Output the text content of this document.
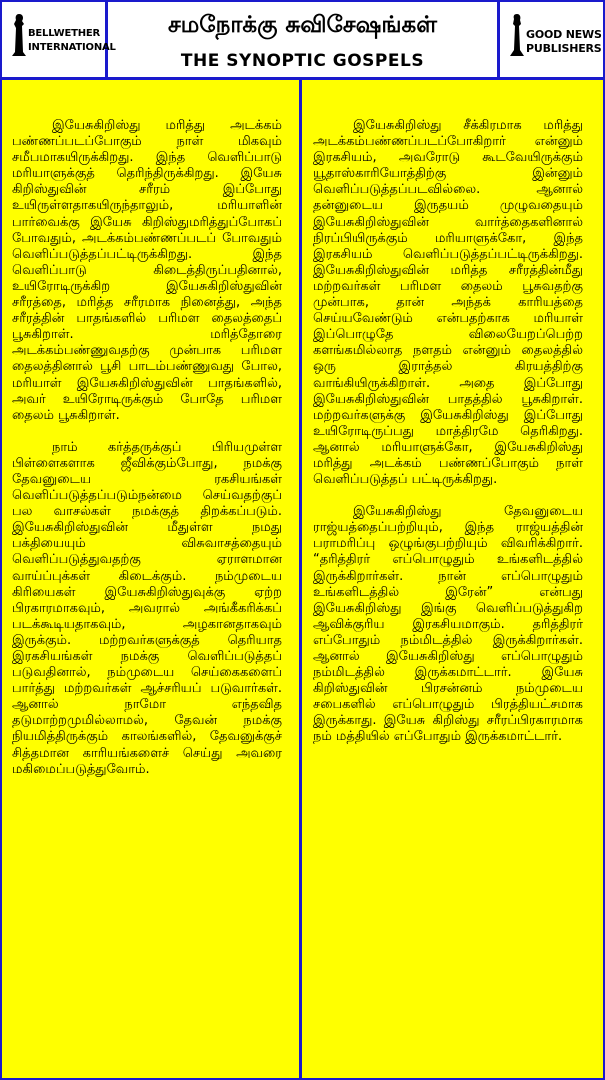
BELLWETHER
INTERNATIONAL
சமநோக்கு சுவிசேஷங்கள்
THE SYNOPTIC GOSPELS
GOOD NEWS
PUBLISHERS

இயேசுகிறிஸ்து மரித்து அடக்கம் பண்ணப்படப்போகும் நாள் மிகவும் சமீபமாகயிருக்கிறது. இந்த வெளிப்பாடு மரியாளுக்குத் தெரிந்திருக்கிறது. இயேசு கிறிஸ்துவின் சரீரம் இப்போது உயிருள்ளதாகயிருந்தாலும், மரியாளின் பார்வைக்கு இயேசு கிறிஸ்துமரித்துப்போகப் போவதும், அடக்கம்பண்ணப்படப் போவதும் வெளிப்படுத்தப்பட்டிருக்கிறது. இந்த வெளிப்பாடு கிடைத்திருப்பதினால், உயிரோடிருக்கிற இயேசுகிறிஸ்துவின் சரீரத்தை, மரித்த சரீரமாக நினைத்து, அந்த சரீரத்தின் பாதங்களில் பரிமள தைலத்தைப் பூசுகிறாள். மரித்தோரை அடக்கம்பண்ணுவதற்கு முன்பாக பரிமள தைலத்தினால் பூசி பாடம்பண்ணுவது போல, மரியாள் இயேசுகிறிஸ்துவின் பாதங்களில், அவர் உயிரோடிருக்கும் போதே பரிமள தைலம் பூசுகிறாள்.

நாம் கர்த்தருக்குப் பிரியமுள்ள பிள்ளைகளாக ஜீவிக்கும்போது, நமக்கு தேவனுடைய ரகசியங்கள் வெளிப்படுத்தப்படும்நன்மை செய்வதற்குப் பல வாசல்கள் நமக்குத் திறக்கப்படும். இயேசுகிறிஸ்துவின் மீதுள்ள நமது பக்தியையும் விசுவாசத்தையும் வெளிப்படுத்துவதற்கு ஏராளமான வாய்ப்புக்கள் கிடைக்கும். நம்முடைய கிரியைகள் இயேசுகிறிஸ்துவுக்கு ஏற்ற பிரகாரமாகவும், அவரால் அங்கீகரிக்கப் படக்கூடியதாகவும், அழகானதாகவும் இருக்கும். மற்றவர்களுக்குத் தெரியாத இரகசியங்கள் நமக்கு வெளிப்படுத்தப் படுவதினால், நம்முடைய செய்கைகளைப் பார்த்து மற்றவர்கள் ஆச்சரியப் படுவார்கள். ஆனால் நாமோ எந்தவித தடுமாற்றமுமில்லாமல், தேவன் நமக்கு நியமித்திருக்கும் காலங்களில், தேவனுக்குச் சித்தமான காரியங்களைச் செய்து அவரை மகிமைப்படுத்துவோம்.

இயேசுகிறிஸ்து சீக்கிரமாக மரித்து அடக்கம்பண்ணப்படப்போகிறார் என்னும் இரகசியம், அவரோடு கூடவேயிருக்கும் யூதாஸ்காரியோத்திற்கு இன்னும் வெளிப்படுத்தப்படவில்லை. ஆனால் தன்னுடைய இருதயம் முழுவதையும் இயேசுகிறிஸ்துவின் வார்த்தைகளினால் நிரப்பியிருக்கும் மரியாளுக்கோ, இந்த இரகசியம் வெளிப்படுத்தப்பட்டிருக்கிறது. இயேசுகிறிஸ்துவின் மரித்த சரீரத்தின்மீது மற்றவர்கள் பரிமள தைலம் பூசுவதற்கு முன்பாக, தான் அந்தக் காரியத்தை செய்யவேண்டும் என்பதற்காக மரியாள் இப்பொழுதே விலையேறப்பெற்ற களங்கமில்லாத நளதம் என்னும் தைலத்தில் ஒரு இராத்தல் கிரயத்திற்கு வாங்கியிருக்கிறாள். அதை இப்போது இயேசுகிறிஸ்துவின் பாதத்தில் பூசுகிறாள். மற்றவர்களுக்கு இயேசுகிறிஸ்து இப்போது உயிரோடிருப்பது மாத்திரமே தெரிகிறது. ஆனால் மரியாளுக்கோ, இயேசுகிறிஸ்து மரித்து அடக்கம் பண்ணப்போகும் நாள் வெளிப்படுத்தப் பட்டிருக்கிறது.

இயேசுகிறிஸ்து தேவனுடைய ராஜ்யத்தைப்பற்றியும், இந்த ராஜ்யத்தின் பராமரிப்பு ஒழுங்குபற்றியும் விவரிக்கிறார். “தரித்திரர் எப்பொழுதும் உங்களிடத்தில் இருக்கிறார்கள். நான் எப்பொழுதும் உங்களிடத்தில் இரேன்” என்பது இயேசுகிறிஸ்து இங்கு வெளிப்படுத்துகிற ஆவிக்குரிய இரகசியமாகும். தரித்திரர் எப்போதும் நம்மிடத்தில் இருக்கிறார்கள். ஆனால் இயேசுகிறிஸ்து எப்பொழுதும் நம்மிடத்தில் இருக்கமாட்டார். இயேசு கிறிஸ்துவின் பிரசன்னம் நம்முடைய சபைகளில் எப்பொழுதும் பிரத்தியட்சமாக இருக்காது. இயேசு கிறிஸ்து சரீரப்பிரகாரமாக நம் மத்தியில் எப்போதும் இருக்கமாட்டார்.
